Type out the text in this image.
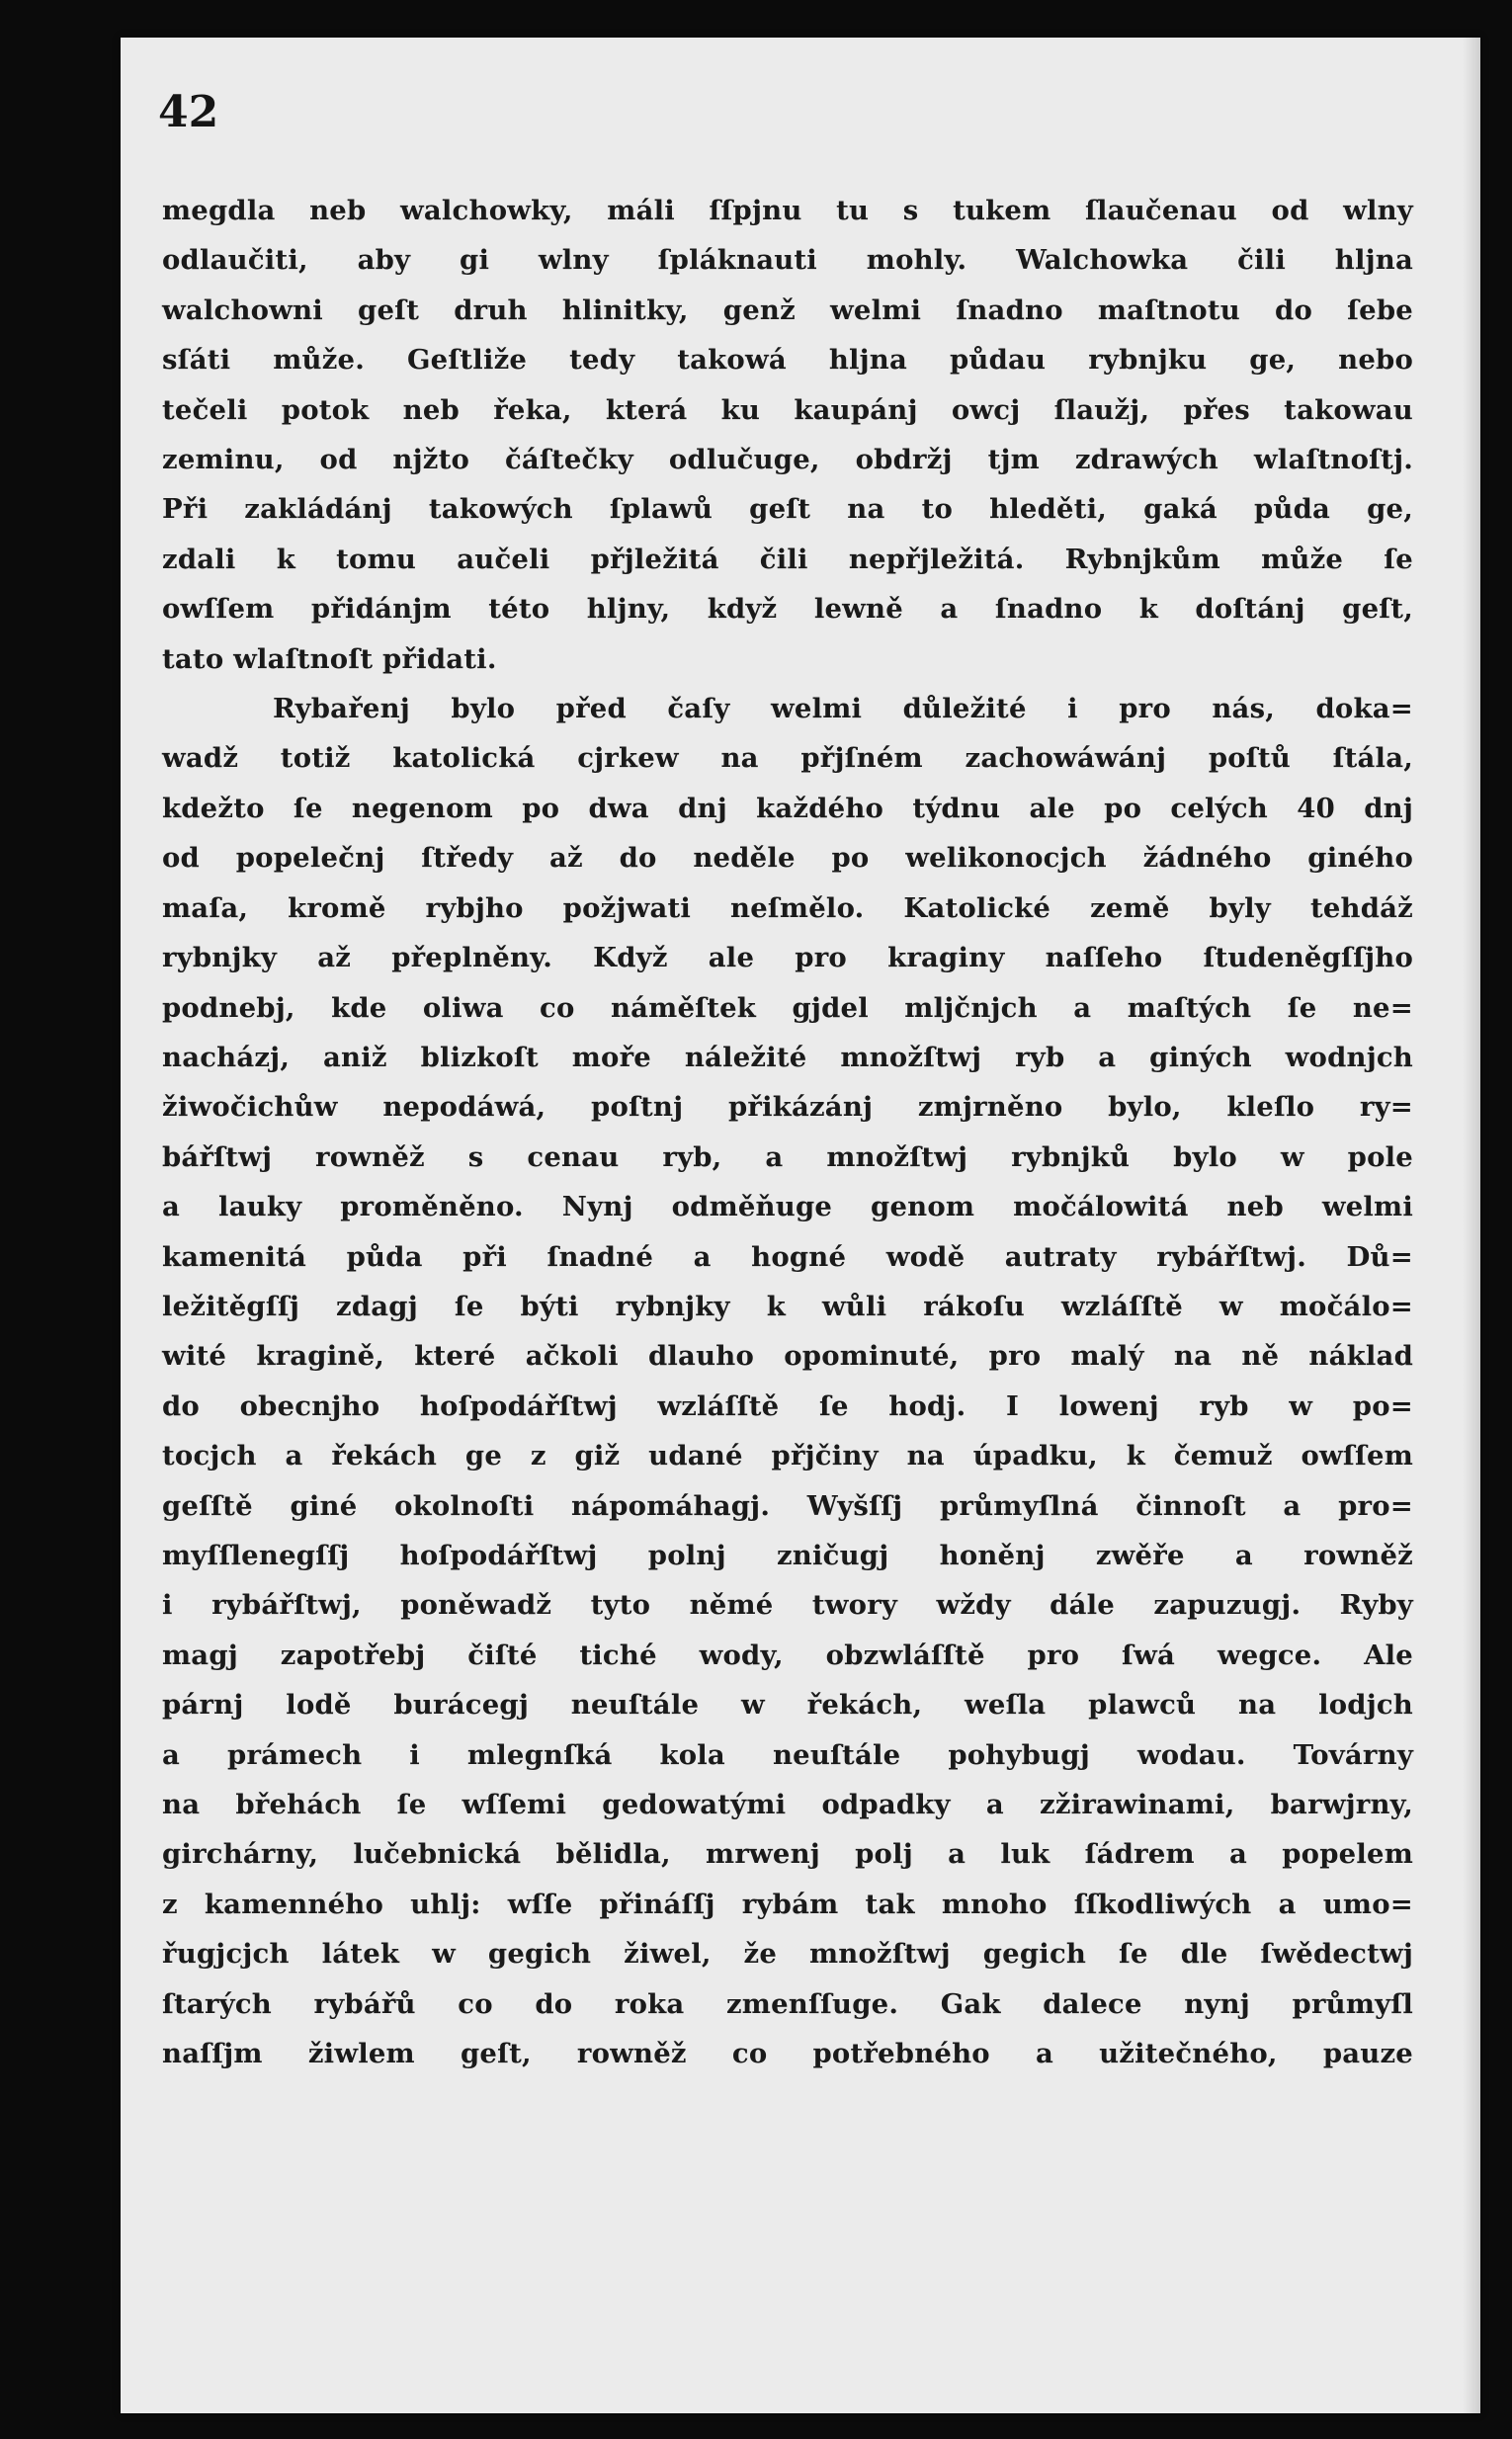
42

megdla neb walchowky, máli ſſpjnu tu s tukem ſlaučenau od wlny
odlaučiti, aby gi wlny ſpláknauti mohly. Walchowka čili hljna
walchowni geſt druh hlinitky, genž welmi ſnadno maſtnotu do ſebe
sſáti může. Geſtliže tedy takowá hljna půdau rybnjku ge, nebo
tečeli potok neb řeka, která ku kaupánj owcj ſlaužj, přes takowau
zeminu, od njžto čáſtečky odlučuge, obdržj tjm zdrawých wlaſtnoſtj.
Při zakládánj takowých ſplawů geſt na to hleděti, gaká půda ge,
zdali k tomu aučeli přjležitá čili nepřjležitá. Rybnjkům může ſe
owſſem přidánjm této hljny, když lewně a ſnadno k doſtánj geſt,
tato wlaſtnoſt přidati.

Rybařenj bylo před čaſy welmi důležité i pro nás, doka=
wadž totiž katolická cjrkew na přjſném zachowáwánj poſtů ſtála,
kdežto ſe negenom po dwa dnj každého týdnu ale po celých 40 dnj
od popelečnj ſtředy až do neděle po welikonocjch žádného giného
maſa, kromě rybjho požjwati neſmělo. Katolické země byly tehdáž
rybnjky až přeplněny. Když ale pro kraginy naſſeho ſtudeněgſſjho
podnebj, kde oliwa co náměſtek gjdel mljčnjch a maſtých ſe ne=
nacházj, aniž blizkoſt moře náležité množſtwj ryb a giných wodnjch
žiwočichůw nepodáwá, poſtnj přikázánj zmjrněno bylo, kleſlo ry=
bářſtwj rowněž s cenau ryb, a množſtwj rybnjků bylo w pole
a lauky proměněno. Nynj odměňuge genom močálowitá neb welmi
kamenitá půda při ſnadné a hogné wodě autraty rybářſtwj. Dů=
ležitěgſſj zdagj ſe býti rybnjky k wůli rákoſu wzláſſtě w močálo=
wité kragině, které ačkoli dlauho opominuté, pro malý na ně náklad
do obecnjho hoſpodářſtwj wzláſſtě ſe hodj. I lowenj ryb w po=
tocjch a řekách ge z giž udané přjčiny na úpadku, k čemuž owſſem
geſſtě giné okolnoſti nápomáhagj. Wyšſſj průmyſlná činnoſt a pro=
myſſlenegſſj hoſpodářſtwj polnj zničugj honěnj zwěře a rowněž
i rybářſtwj, poněwadž tyto němé twory wždy dále zapuzugj. Ryby
magj zapotřebj čiſté tiché wody, obzwláſſtě pro ſwá wegce. Ale
párnj lodě burácegj neuſtále w řekách, weſla plawců na lodjch
a prámech i mlegnſká kola neuſtále pohybugj wodau. Továrny
na břehách ſe wſſemi gedowatými odpadky a zžirawinami, barwjrny,
girchárny, lučebnická bělidla, mrwenj polj a luk ſádrem a popelem
z kamenného uhlj: wſſe přináſſj rybám tak mnoho ſſkodliwých a umo=
řugjcjch látek w gegich žiwel, že množſtwj gegich ſe dle ſwědectwj
ſtarých rybářů co do roka zmenſſuge. Gak dalece nynj průmyſl
naſſjm žiwlem geſt, rowněž co potřebného a užitečného, pauze
